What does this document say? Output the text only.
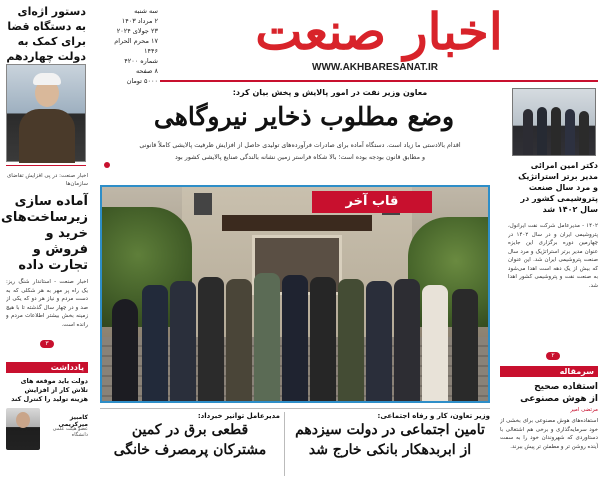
اخبار صنعت
WWW.AKHBARESANAT.IR
سه شنبه
۲ مرداد ۱۴۰۳
۲۳ جولای ۲۰۲۴
۱۷ محرم الحرام ۱۴۴۶
شماره ۴۲۰۰
۸ صفحه
۵۰۰۰ تومان
دستور اژه‌ای
به دستگاه قضا
برای کمک به
دولت چهاردهم
اخبار صنعت: در پی افزایش تقاضای سازمان‌ها
آماده سازی
زیرساخت‌های
خرید و فروش و
تجارت داده
اخبار صنعت - استاندار شنگ ریز: یک راه پر مهر به هر شکلی که به دست مردم و نیاز هر دو که یکی از صد و در چهار سال گذشته تا با هیچ زمینه بخش بیشتر اطلاعات مردم و رانده است.
۳
یادداشت
دولت باید موقعه های تلاش کار از افزایش هزینه تولید را کنترل کند
کامبیز میرکریمی
عضو هیئت علمی دانشگاه
معاون وزیر نفت در امور پالایش و پخش بیان کرد:
وضع مطلوب ذخایر نیروگاهی
اقدام بالادستی ما زیاد است. دستگاه آماده برای صادرات فرآورده‌های تولیدی حاصل از افزایش ظرفیت پالایشی کاملاً قانونی
و مطابق قانون بودجه بوده است؛ بالا شکاه فراستر زمین نشانه بالندگی صنایع پالایشی کشور بود
قاب آخر
دکتر امین امرائی
مدیر برتر استراتژیک
و مرد سال صنعت
پتروشیمی کشور در
سال ۱۴۰۲ شد
۱۴۰۲ - مدیرعامل شرکت نفت ایرانول، پتروشیمی ایران و در سال ۱۴۰۲ در چهارمین دوره برگزاری این جایزه عنوان مدیر برتر استراتژیک و مرد سال صنعت پتروشیمی ایران شد. این عنوان که بیش از یک دهه است اهدا می‌شود به صنعت نفت و پتروشیمی کشور اهدا شد.
۲
سرمقاله
استفاده صحیح
از هوش مصنوعی
مرتضی امیر
استفاده‌های هوش مصنوعی برای بخشی از خود سرمایه‌گذاری و برخی هم اشتغالی با دستاوردی که شهروندان خود را به سمت آینده روشن تر و مطمئن تر پیش ببرند.
وزیر تعاون، کار و رفاه اجتماعی:
تامین اجتماعی در دولت سیزدهم
از ابربدهکار بانکی خارج شد
مدیرعامل توانیر خبرداد:
قطعی برق در کمین
مشترکان پرمصرف خانگی
